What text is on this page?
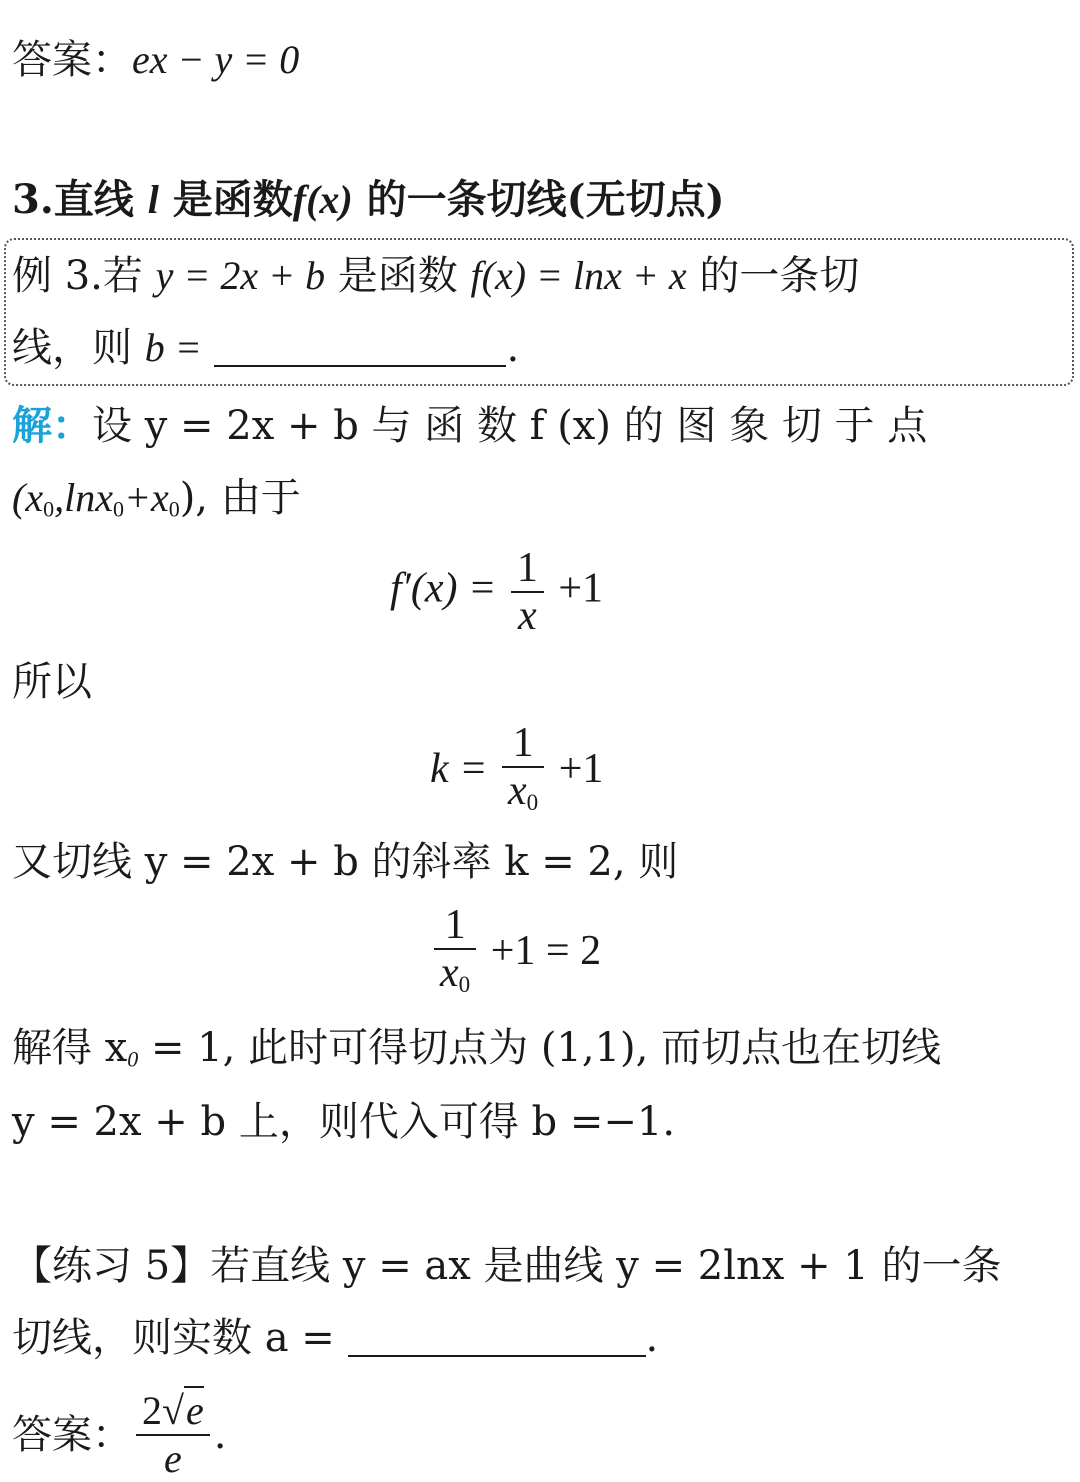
答案：ex − y = 0
3.直线 l 是函数f(x) 的一条切线(无切点)
例 3.若 y = 2x + b 是函数 f(x) = lnx + x 的一条切
线，则 b =	.
解：设 y = 2x + b 与 函 数 f (x) 的 图 象 切 于 点
$(x_0,\ln x_0+x_0)$, 由于
$f'(x) = \frac{1}{x} +1$
所以
$k = \frac{1}{x_0} +1$
又切线 y = 2x + b 的斜率 k = 2, 则
$\frac{1}{x_0} +1 = 2$
解得 $x_0 = 1$, 此时可得切点为 (1,1), 而切点也在切线
y = 2x + b 上，则代入可得 b =−1.
【练习 5】若直线 y = ax 是曲线 y = 2lnx + 1 的一条
切线，则实数 a =	.
答案： $\frac{2√e}{e}$ .
